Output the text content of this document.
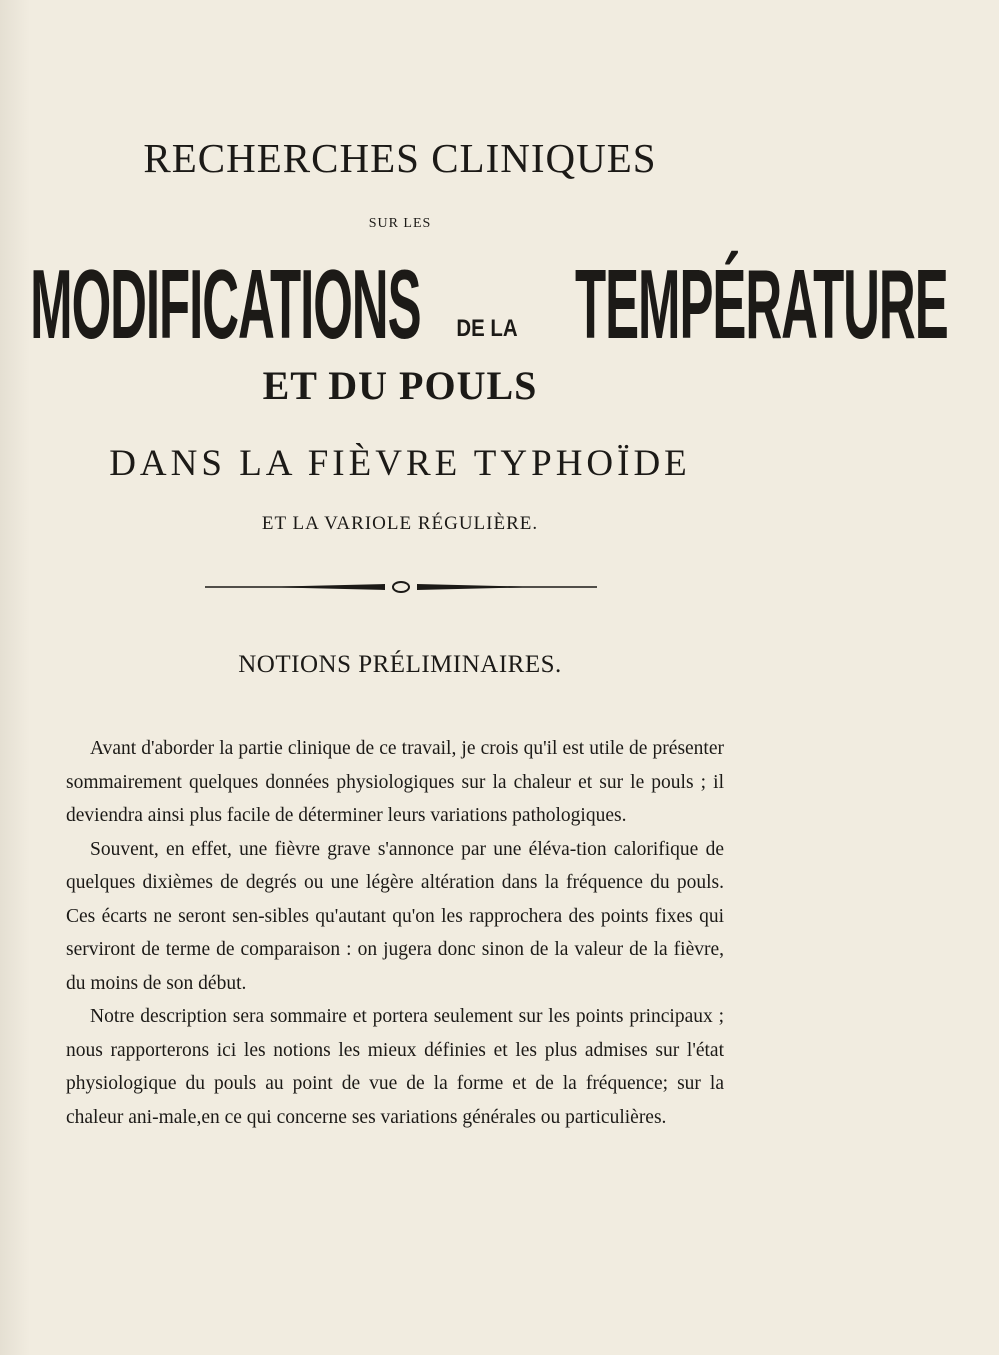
RECHERCHES CLINIQUES
SUR LES
MODIFICATIONS DE LA TEMPÉRATURE
ET DU POULS
DANS LA FIÈVRE TYPHOÏDE
ET LA VARIOLE RÉGULIÈRE.
NOTIONS PRÉLIMINAIRES.

Avant d'aborder la partie clinique de ce travail, je crois qu'il est utile de présenter sommairement quelques données physiologiques sur la chaleur et sur le pouls ; il deviendra ainsi plus facile de déterminer leurs variations pathologiques.

Souvent, en effet, une fièvre grave s'annonce par une éléva-tion calorifique de quelques dixièmes de degrés ou une légère altération dans la fréquence du pouls. Ces écarts ne seront sen-sibles qu'autant qu'on les rapprochera des points fixes qui serviront de terme de comparaison : on jugera donc sinon de la valeur de la fièvre, du moins de son début.

Notre description sera sommaire et portera seulement sur les points principaux ; nous rapporterons ici les notions les mieux définies et les plus admises sur l'état physiologique du pouls au point de vue de la forme et de la fréquence; sur la chaleur ani-male,en ce qui concerne ses variations générales ou particulières.
